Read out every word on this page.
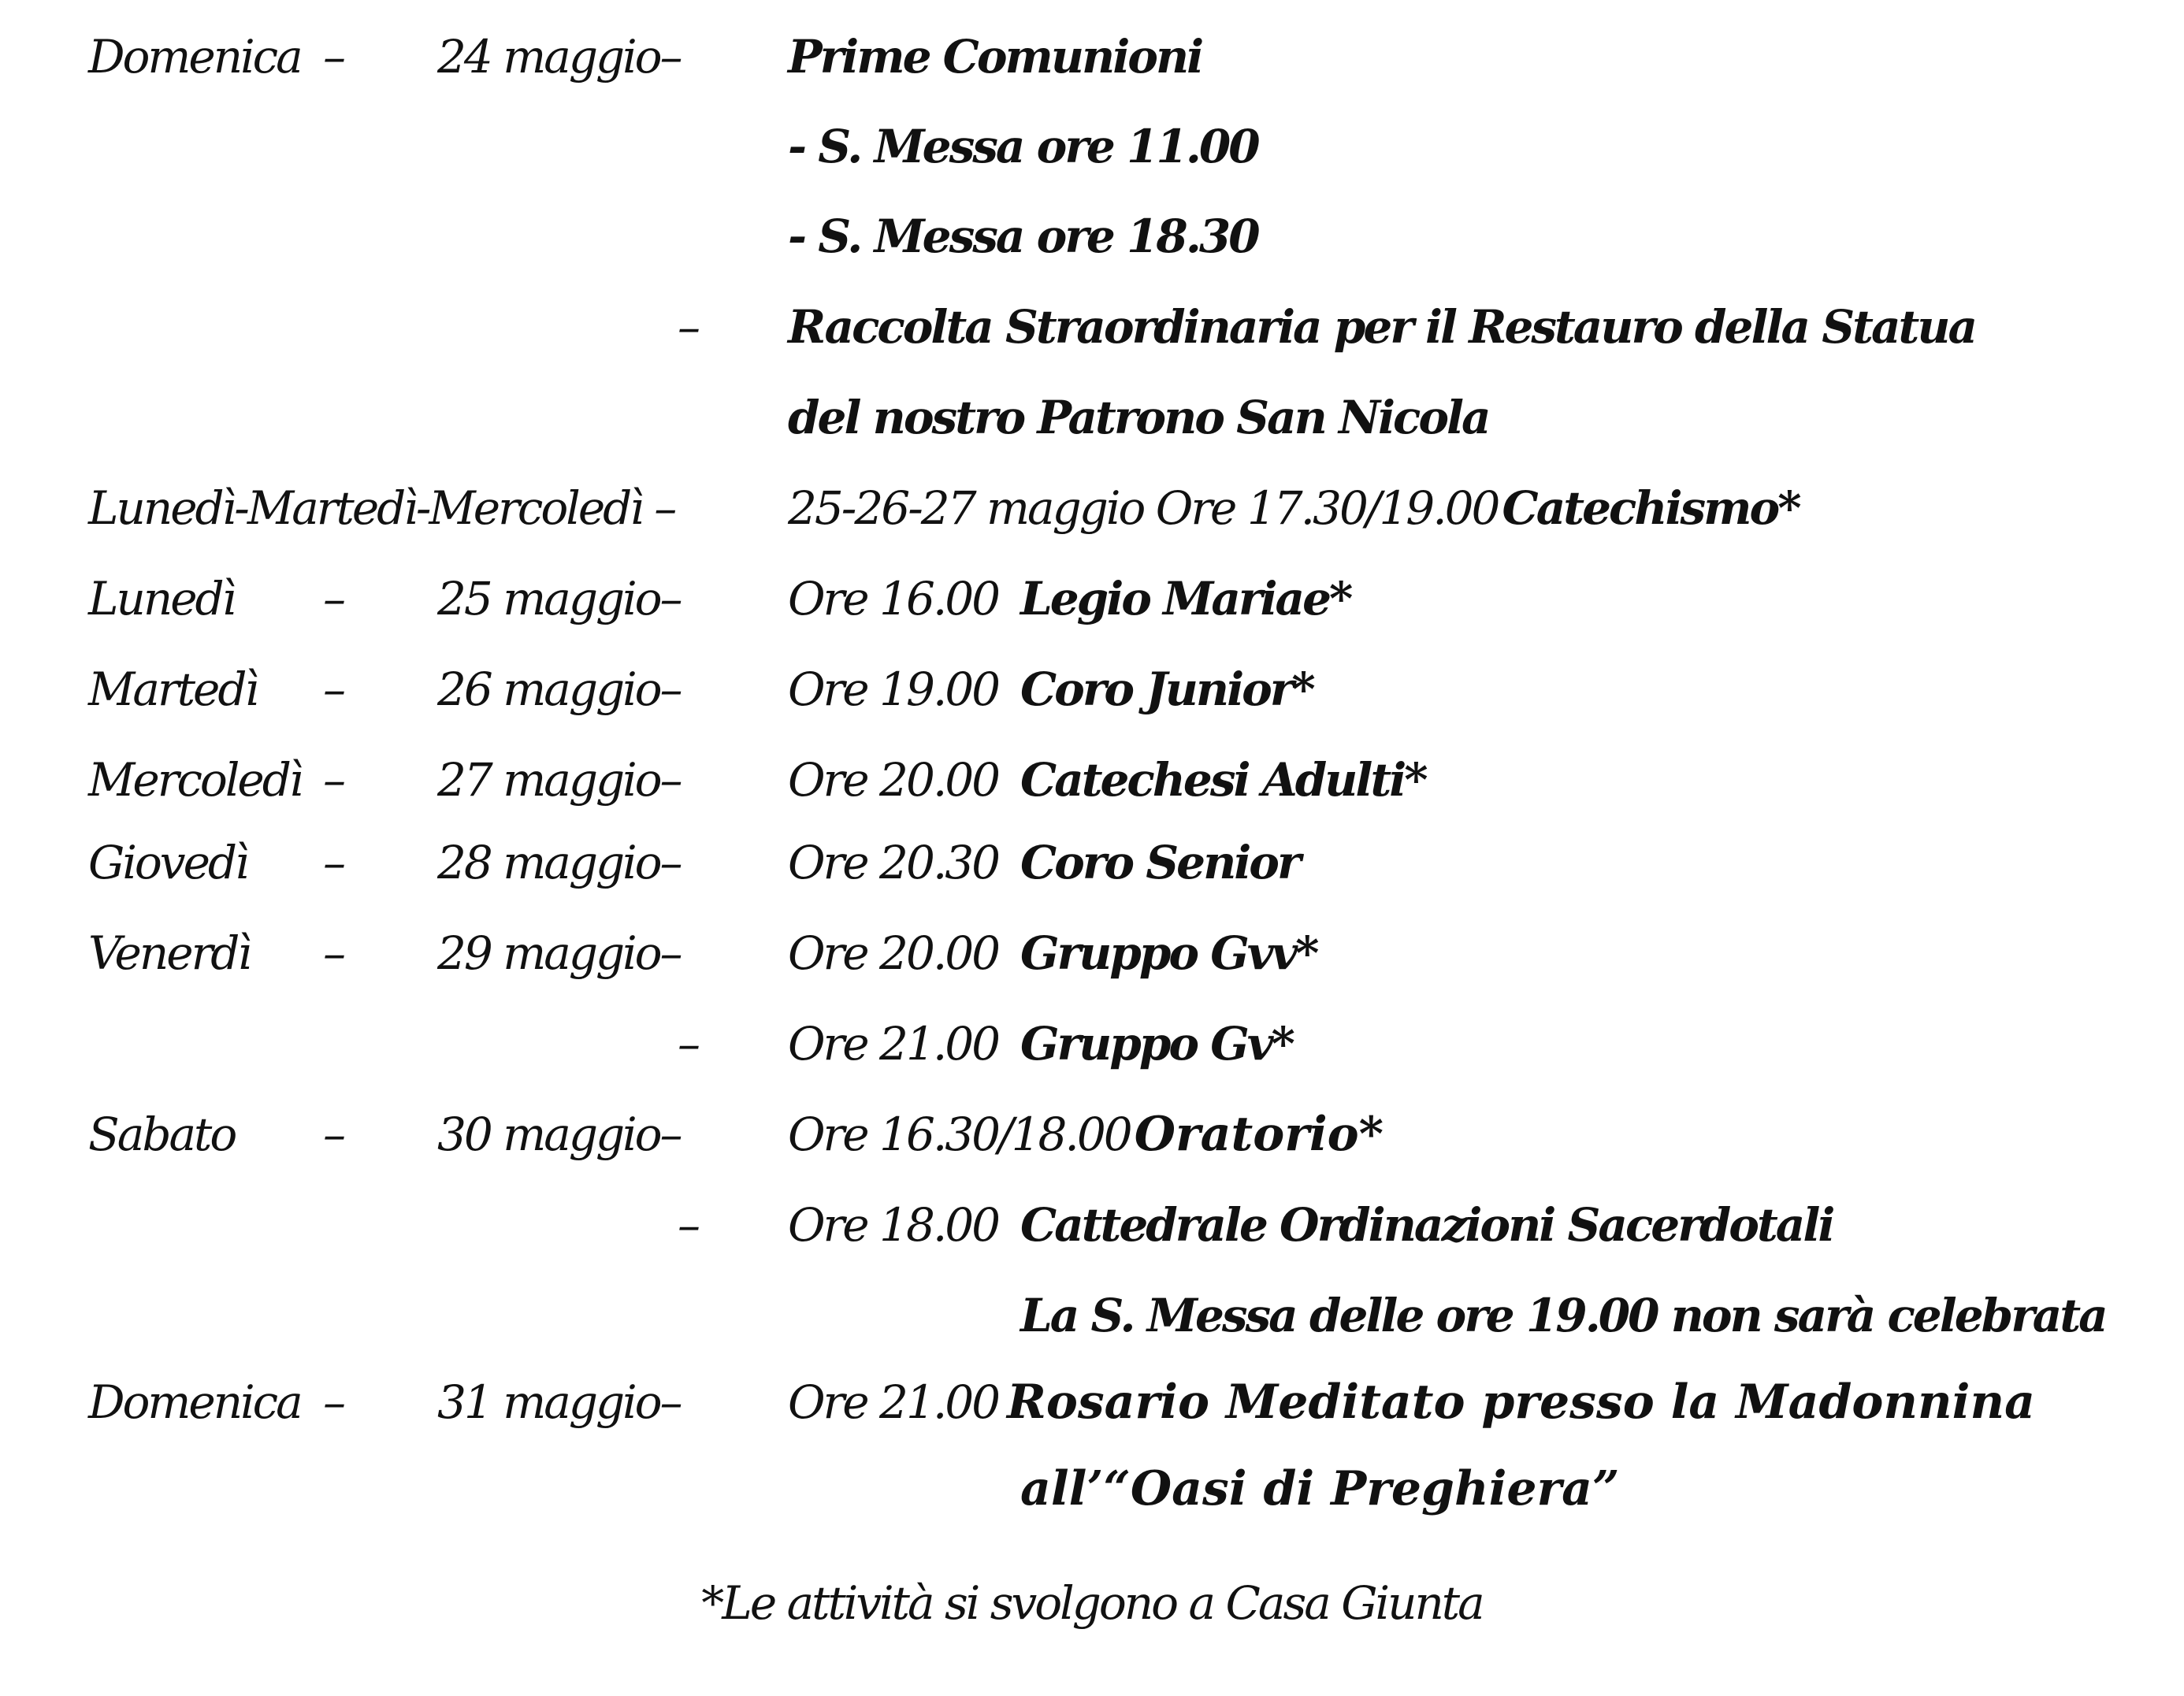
Domenica – 24 maggio– Prime Comunioni
- S. Messa ore 11.00
- S. Messa ore 18.30
– Raccolta Straordinaria per il Restauro della Statua
del nostro Patrono San Nicola
Lunedì-Martedì-Mercoledì – 25-26-27 maggio Ore 17.30/19.00 Catechismo*
Lunedì – 25 maggio– Ore 16.00 Legio Mariae*
Martedì – 26 maggio– Ore 19.00 Coro Junior*
Mercoledì – 27 maggio– Ore 20.00 Catechesi Adulti*
Giovedì – 28 maggio– Ore 20.30 Coro Senior
Venerdì – 29 maggio– Ore 20.00 Gruppo Gvv*
– Ore 21.00 Gruppo Gv*
Sabato – 30 maggio– Ore 16.30/18.00 Oratorio*
– Ore 18.00 Cattedrale Ordinazioni Sacerdotali
La S. Messa delle ore 19.00 non sarà celebrata
Domenica – 31 maggio– Ore 21.00 Rosario Meditato presso la Madonnina
all’“Oasi di Preghiera”
*Le attività si svolgono a Casa Giunta
